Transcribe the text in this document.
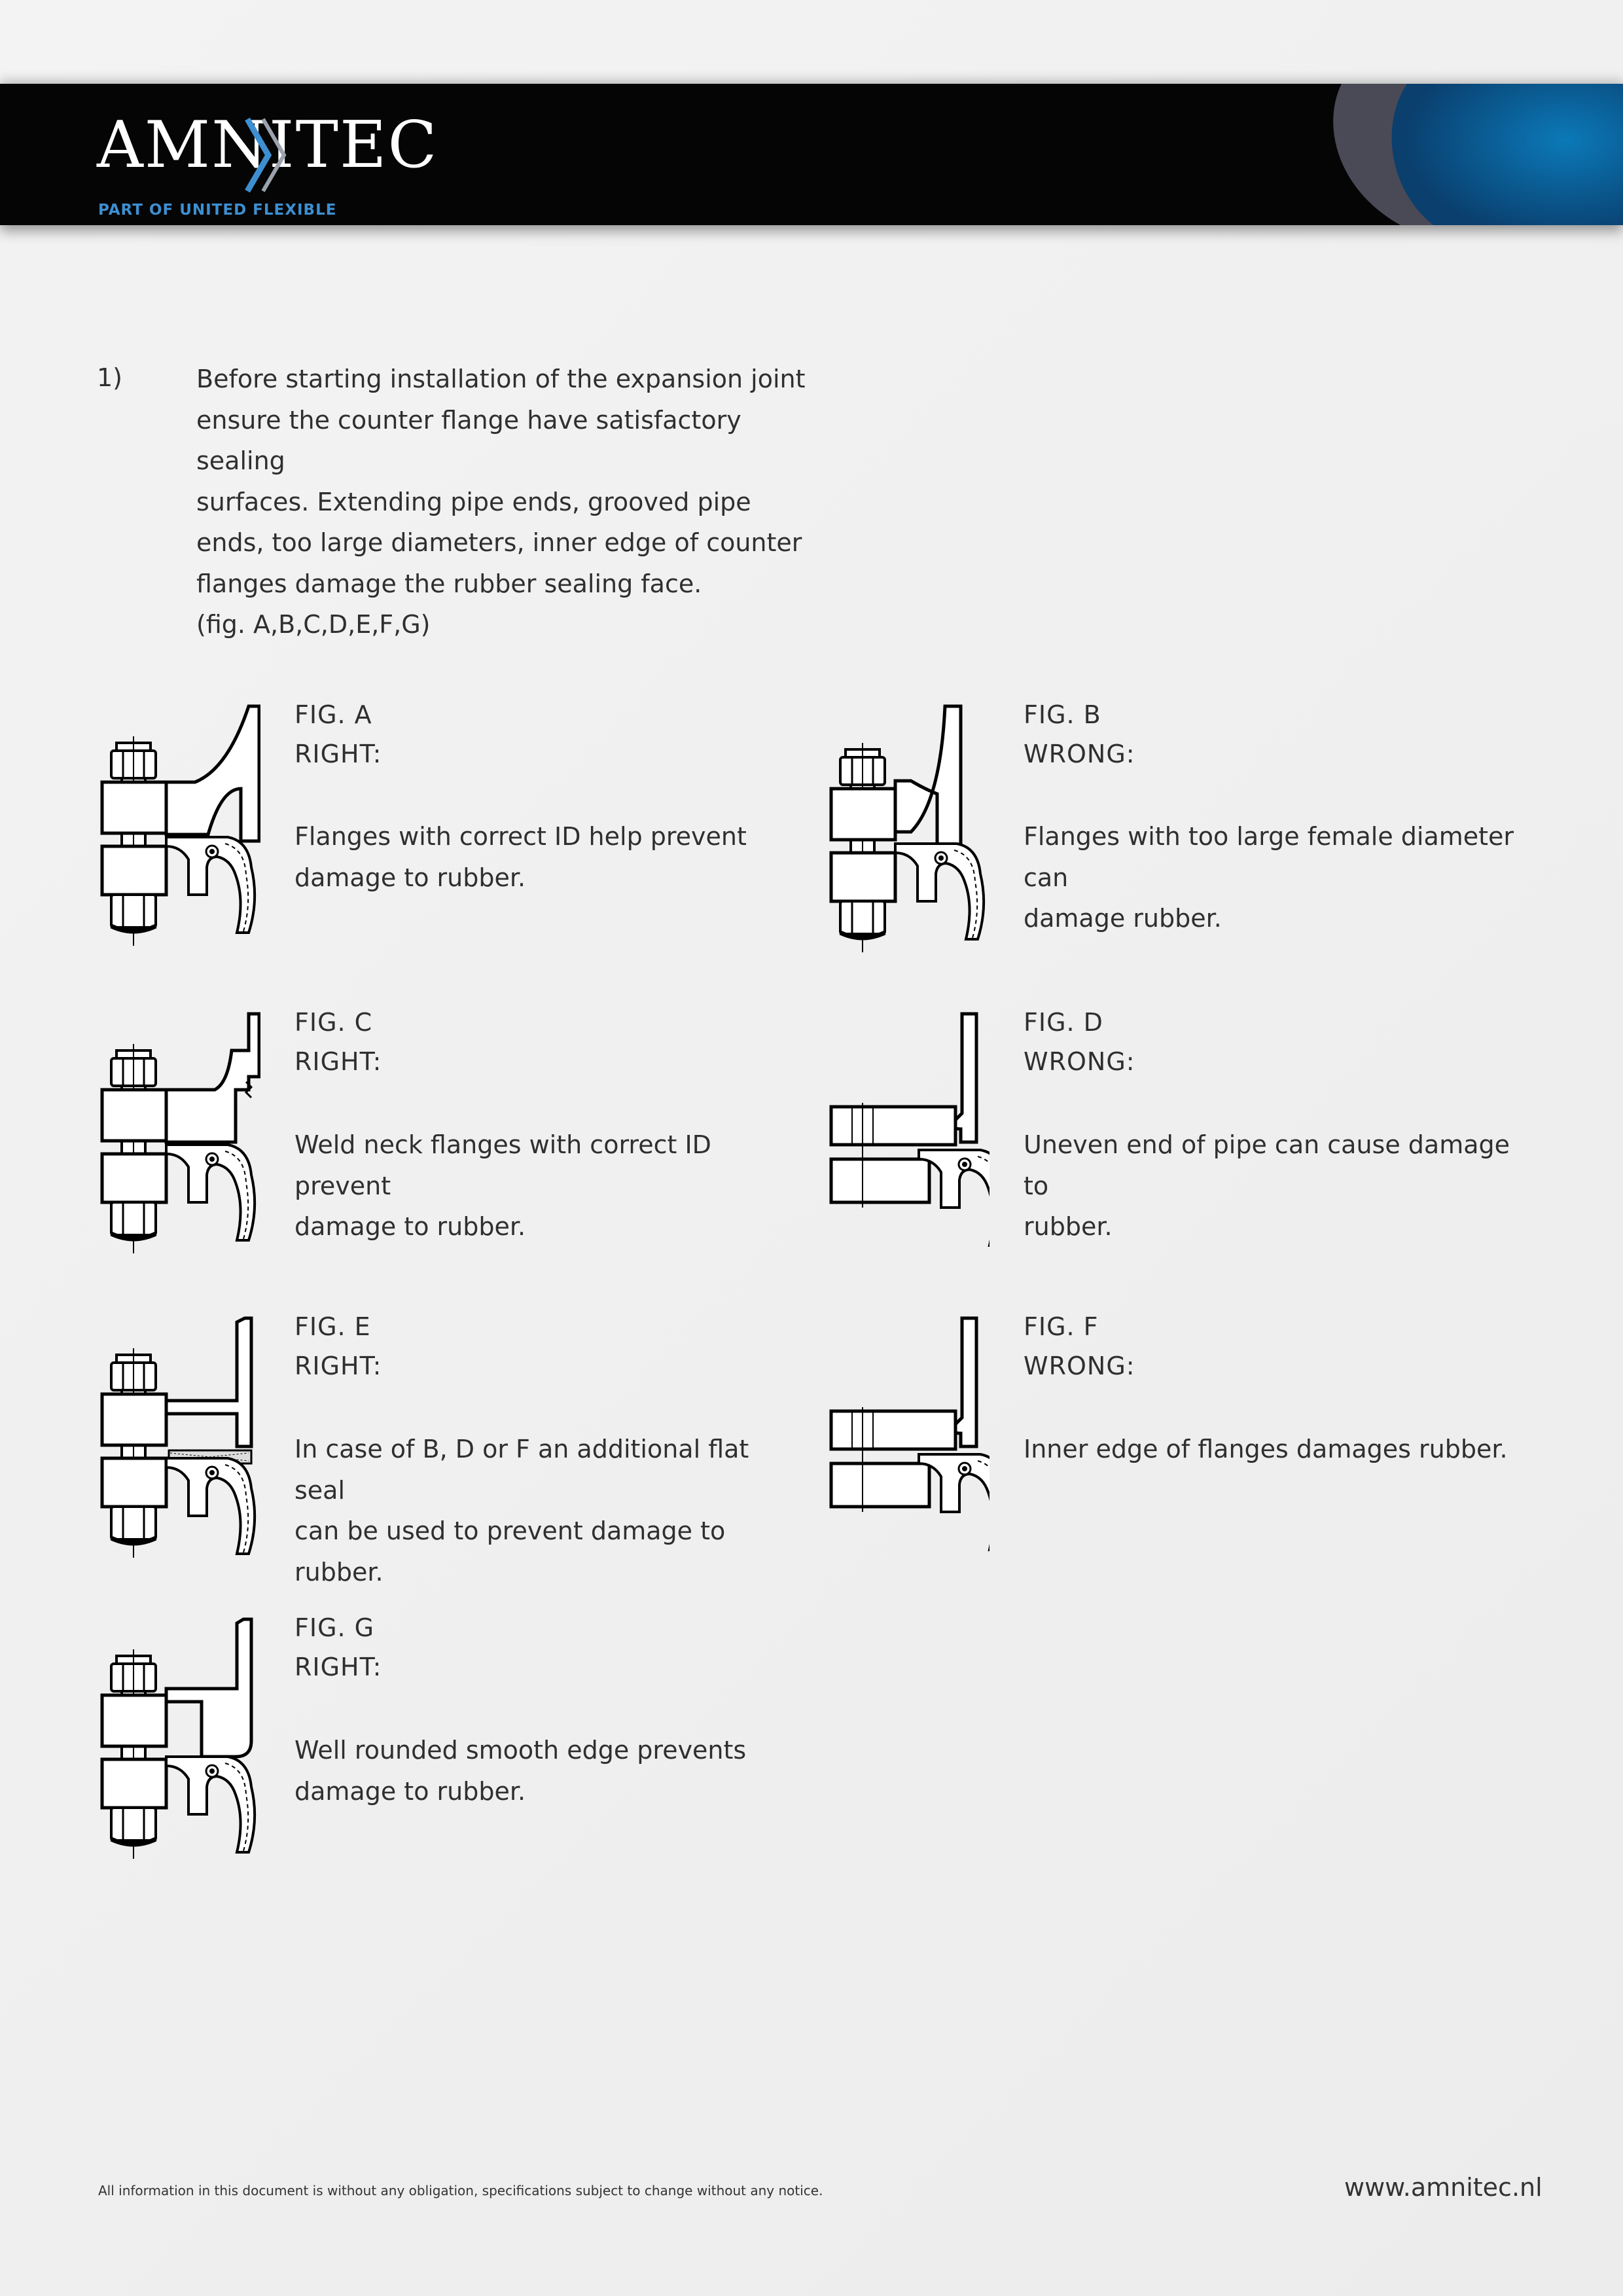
AMNITEC
PART OF UNITED FLEXIBLE
1)	Before starting installation of the expansion joint
ensure the counter flange have satisfactory sealing
surfaces. Extending pipe ends, grooved pipe
ends, too large diameters, inner edge of counter
flanges damage the rubber sealing face.
(fig. A,B,C,D,E,F,G)
FIG. A
RIGHT:
Flanges with correct ID help prevent
damage to rubber.
FIG. B
WRONG:
Flanges with too large female diameter can
damage rubber.
FIG. C
RIGHT:
Weld neck flanges with correct ID prevent
damage to rubber.
FIG. D
WRONG:
Uneven end of pipe can cause damage to
rubber.
FIG. E
RIGHT:
In case of B, D or F an additional flat seal
can be used to prevent damage to rubber.
FIG. F
WRONG:
Inner edge of flanges damages rubber.
FIG. G
RIGHT:
Well rounded smooth edge prevents
damage to rubber.
All information in this document is without any obligation, specifications subject to change without any notice.	www.amnitec.nl
